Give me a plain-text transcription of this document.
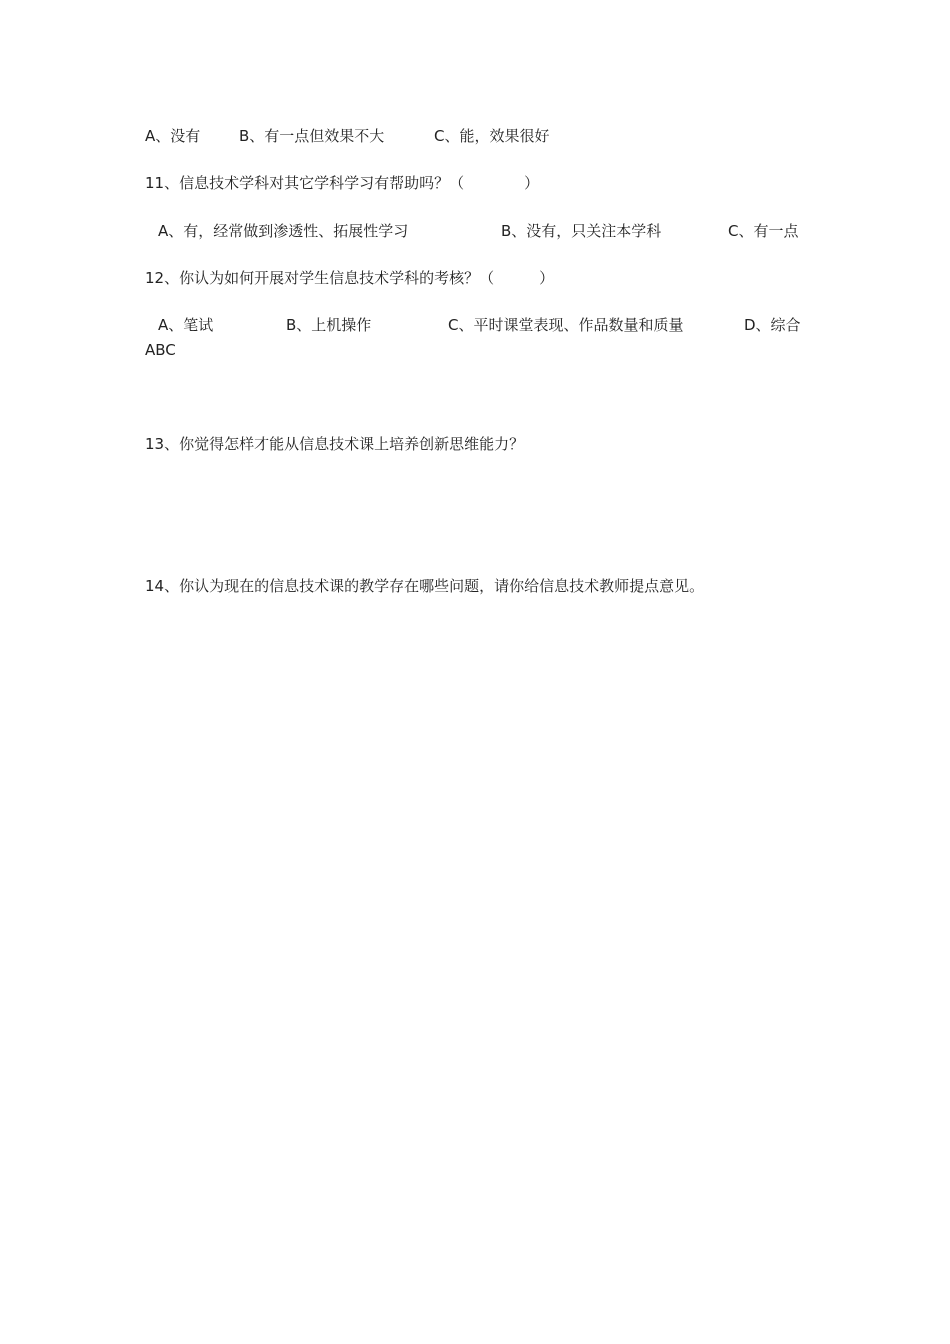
A、没有	B、有一点但效果不大	C、能，效果很好
11、信息技术学科对其它学科学习有帮助吗？（　　　　）
A、有，经常做到渗透性、拓展性学习	B、没有，只关注本学科	C、有一点
12、你认为如何开展对学生信息技术学科的考核？（　　　）
A、笔试	B、上机操作	C、平时课堂表现、作品数量和质量	D、综合
ABC
13、你觉得怎样才能从信息技术课上培养创新思维能力？
14、你认为现在的信息技术课的教学存在哪些问题，请你给信息技术教师提点意见。
